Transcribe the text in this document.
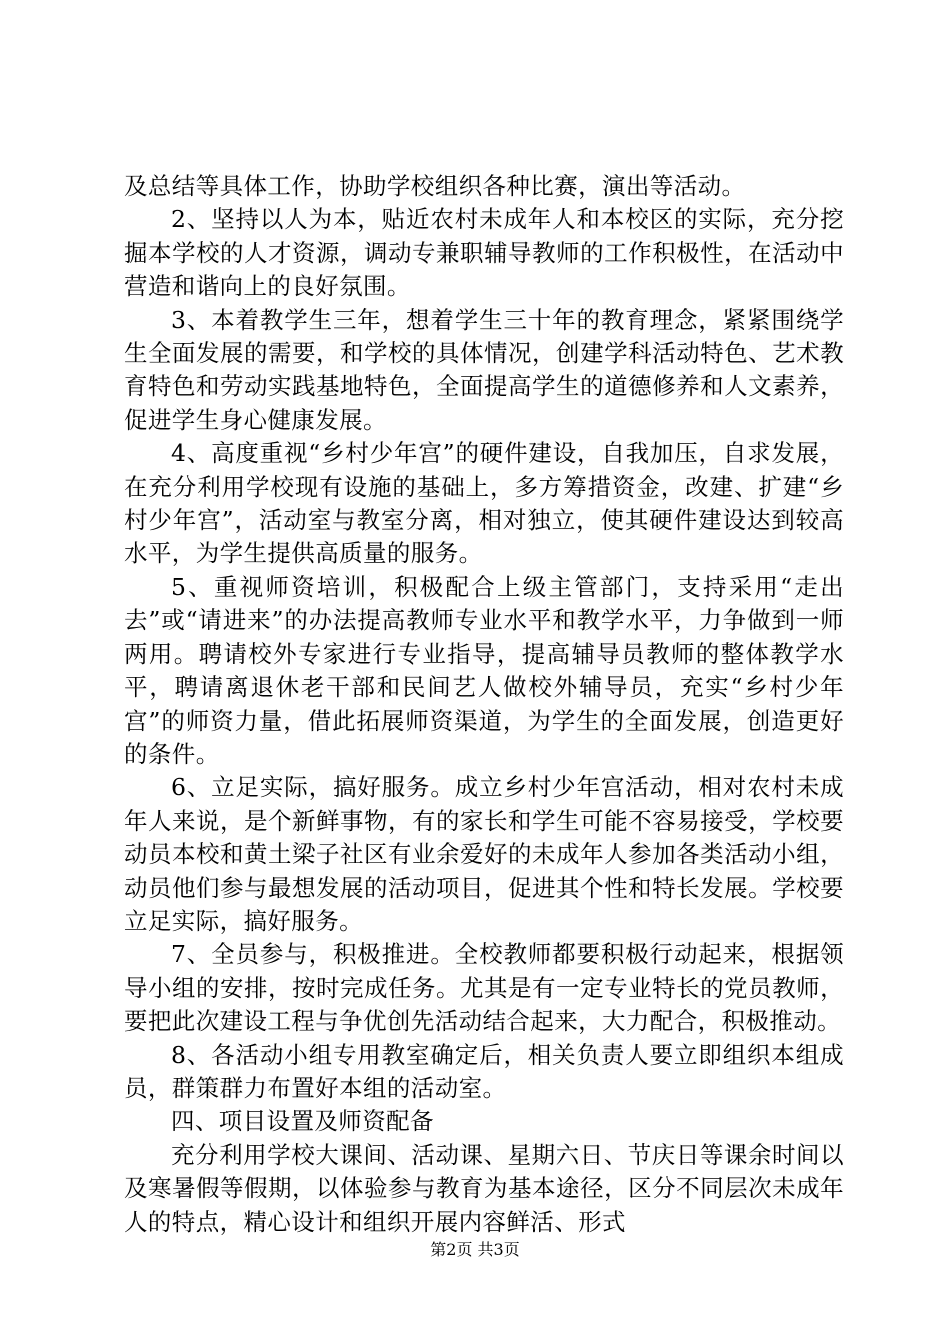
及总结等具体工作，协助学校组织各种比赛，演出等活动。

2、坚持以人为本，贴近农村未成年人和本校区的实际，充分挖掘本学校的人才资源，调动专兼职辅导教师的工作积极性，在活动中营造和谐向上的良好氛围。

3、本着教学生三年，想着学生三十年的教育理念，紧紧围绕学生全面发展的需要，和学校的具体情况，创建学科活动特色、艺术教育特色和劳动实践基地特色，全面提高学生的道德修养和人文素养，促进学生身心健康发展。

4、高度重视“乡村少年宫”的硬件建设，自我加压，自求发展，在充分利用学校现有设施的基础上，多方筹措资金，改建、扩建“乡村少年宫”，活动室与教室分离，相对独立，使其硬件建设达到较高水平，为学生提供高质量的服务。

5、重视师资培训，积极配合上级主管部门，支持采用“走出去”或“请进来”的办法提高教师专业水平和教学水平，力争做到一师两用。聘请校外专家进行专业指导，提高辅导员教师的整体教学水平，聘请离退休老干部和民间艺人做校外辅导员，充实“乡村少年宫”的师资力量，借此拓展师资渠道，为学生的全面发展，创造更好的条件。

6、立足实际，搞好服务。成立乡村少年宫活动，相对农村未成年人来说，是个新鲜事物，有的家长和学生可能不容易接受，学校要动员本校和黄土梁子社区有业余爱好的未成年人参加各类活动小组，动员他们参与最想发展的活动项目，促进其个性和特长发展。学校要立足实际，搞好服务。

7、全员参与，积极推进。全校教师都要积极行动起来，根据领导小组的安排，按时完成任务。尤其是有一定专业特长的党员教师，要把此次建设工程与争优创先活动结合起来，大力配合，积极推动。

8、各活动小组专用教室确定后，相关负责人要立即组织本组成员，群策群力布置好本组的活动室。

四、项目设置及师资配备

充分利用学校大课间、活动课、星期六日、节庆日等课余时间以及寒暑假等假期，以体验参与教育为基本途径，区分不同层次未成年人的特点，精心设计和组织开展内容鲜活、形式

第2页 共3页
